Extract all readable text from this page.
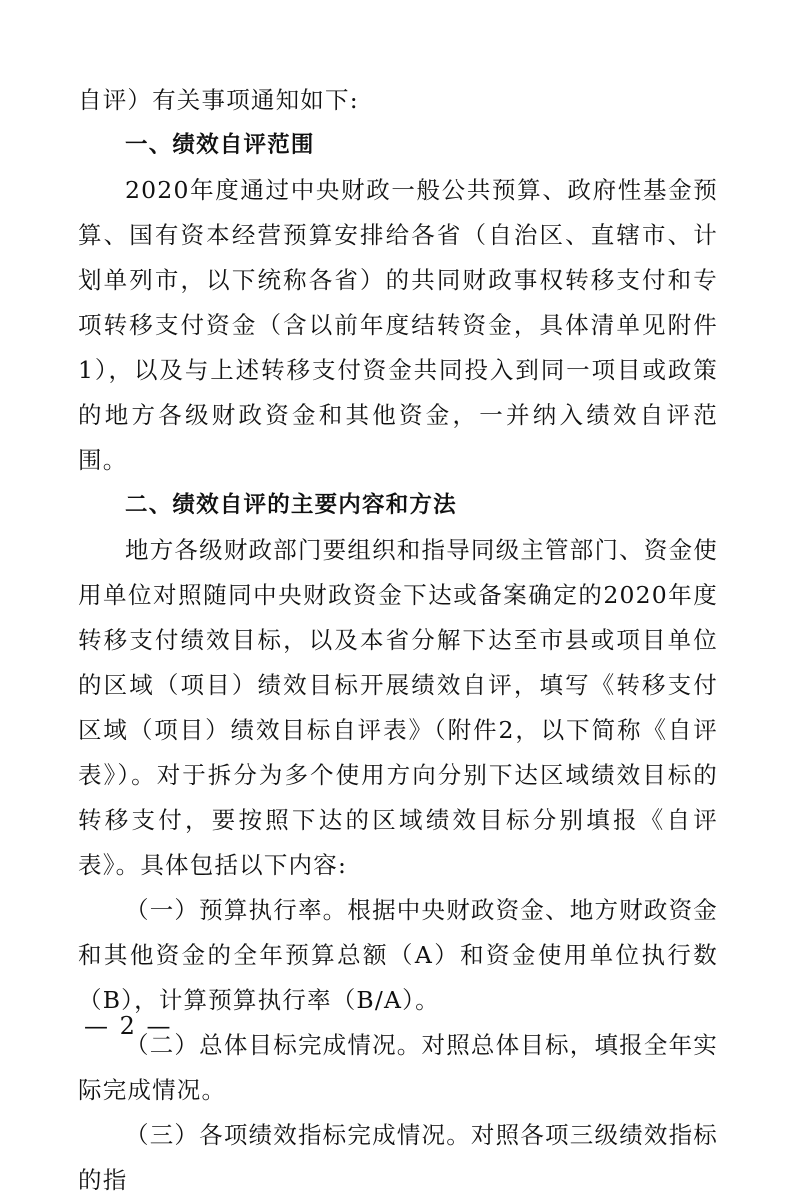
自评）有关事项通知如下:

一、绩效自评范围

2020年度通过中央财政一般公共预算、政府性基金预算、国有资本经营预算安排给各省（自治区、直辖市、计划单列市，以下统称各省）的共同财政事权转移支付和专项转移支付资金（含以前年度结转资金，具体清单见附件1），以及与上述转移支付资金共同投入到同一项目或政策的地方各级财政资金和其他资金，一并纳入绩效自评范围。

二、绩效自评的主要内容和方法

地方各级财政部门要组织和指导同级主管部门、资金使用单位对照随同中央财政资金下达或备案确定的2020年度转移支付绩效目标，以及本省分解下达至市县或项目单位的区域（项目）绩效目标开展绩效自评，填写《转移支付区域（项目）绩效目标自评表》（附件2，以下简称《自评表》）。对于拆分为多个使用方向分别下达区域绩效目标的转移支付，要按照下达的区域绩效目标分别填报《自评表》。具体包括以下内容:

（一）预算执行率。根据中央财政资金、地方财政资金和其他资金的全年预算总额（A）和资金使用单位执行数（B），计算预算执行率（B/A）。

（二）总体目标完成情况。对照总体目标，填报全年实际完成情况。

（三）各项绩效指标完成情况。对照各项三级绩效指标的指

— 2 —
